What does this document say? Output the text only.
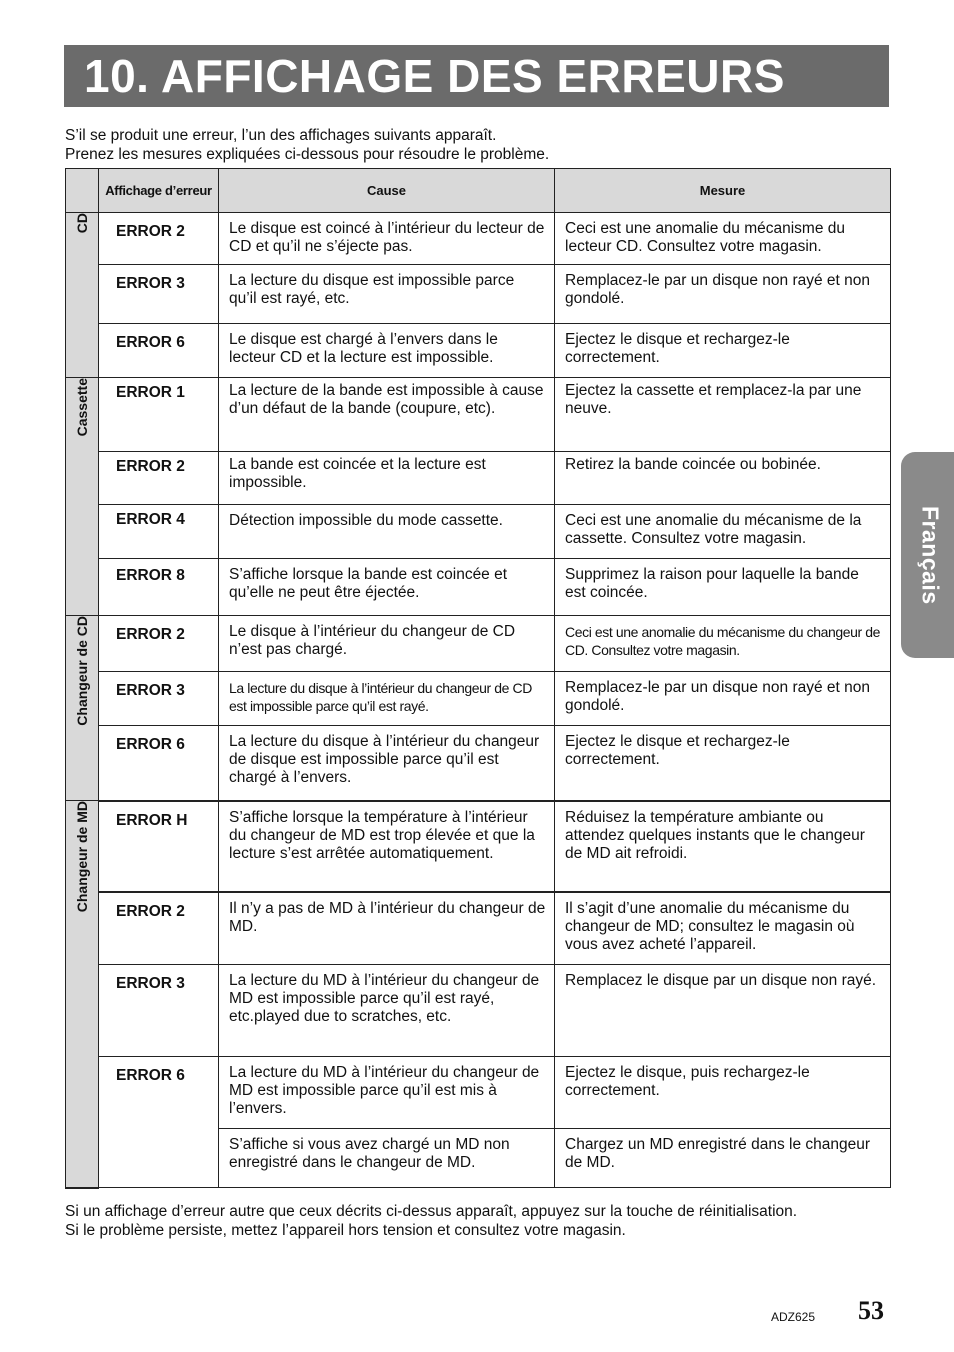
10. AFFICHAGE DES ERREURS
S’il se produit une erreur, l’un des affichages suivants apparaît.
Prenez les mesures expliquées ci-dessous pour résoudre le problème.
	Affichage d’erreur	Cause	Mesure
CD	ERROR 2	Le disque est coincé à l’intérieur du lecteur de CD et qu’il ne s’éjecte pas.	Ceci est une anomalie du mécanisme du lecteur CD. Consultez votre magasin.
	ERROR 3	La lecture du disque est impossible parce qu’il est rayé, etc.	Remplacez-le par un disque non rayé et non gondolé.
	ERROR 6	Le disque est chargé à l’envers dans le lecteur CD et la lecture est impossible.	Ejectez le disque et rechargez-le correctement.
Cassette	ERROR 1	La lecture de la bande est impossible à cause d’un défaut de la bande (coupure, etc).	Ejectez la cassette et remplacez-la par une neuve.
	ERROR 2	La bande est coincée et la lecture est impossible.	Retirez la bande coincée ou bobinée.
	ERROR 4	Détection impossible du mode cassette.	Ceci est une anomalie du mécanisme de la cassette. Consultez votre magasin.
	ERROR 8	S’affiche lorsque la bande est coincée et qu’elle ne peut être éjectée.	Supprimez la raison pour laquelle la bande est coincée.
Changeur de CD	ERROR 2	Le disque à l’intérieur du changeur de CD n’est pas chargé.	Ceci est une anomalie du mécanisme du changeur de CD. Consultez votre magasin.
	ERROR 3	La lecture du disque à l’intérieur du changeur de CD est impossible parce qu’il est rayé.	Remplacez-le par un disque non rayé et non gondolé.
	ERROR 6	La lecture du disque à l’intérieur du changeur de disque est impossible parce qu’il est chargé à l’envers.	Ejectez le disque et rechargez-le correctement.
Changeur de MD	ERROR H	S’affiche lorsque la température à l’intérieur du changeur de MD est trop élevée et que la lecture s’est arrêtée automatiquement.	Réduisez la température ambiante ou attendez quelques instants que le changeur de MD ait refroidi.
	ERROR 2	Il n’y a pas de MD à l’intérieur du changeur de MD.	Il s’agit d’une anomalie du mécanisme du changeur de MD; consultez le magasin où vous avez acheté l’appareil.
	ERROR 3	La lecture du MD à l’intérieur du changeur de MD est impossible parce qu’il est rayé, etc.played due to scratches, etc.	Remplacez le disque par un disque non rayé.
	ERROR 6	La lecture du MD à l’intérieur du changeur de MD est impossible parce qu’il est mis à l’envers.	Ejectez le disque, puis rechargez-le correctement.
		S’affiche si vous avez chargé un MD non enregistré dans le changeur de MD.	Chargez un MD enregistré dans le changeur de MD.
Si un affichage d’erreur autre que ceux décrits ci-dessus apparaît, appuyez sur la touche de réinitialisation.
Si le problème persiste, mettez l’appareil hors tension et consultez votre magasin.
Français
ADZ625 53
